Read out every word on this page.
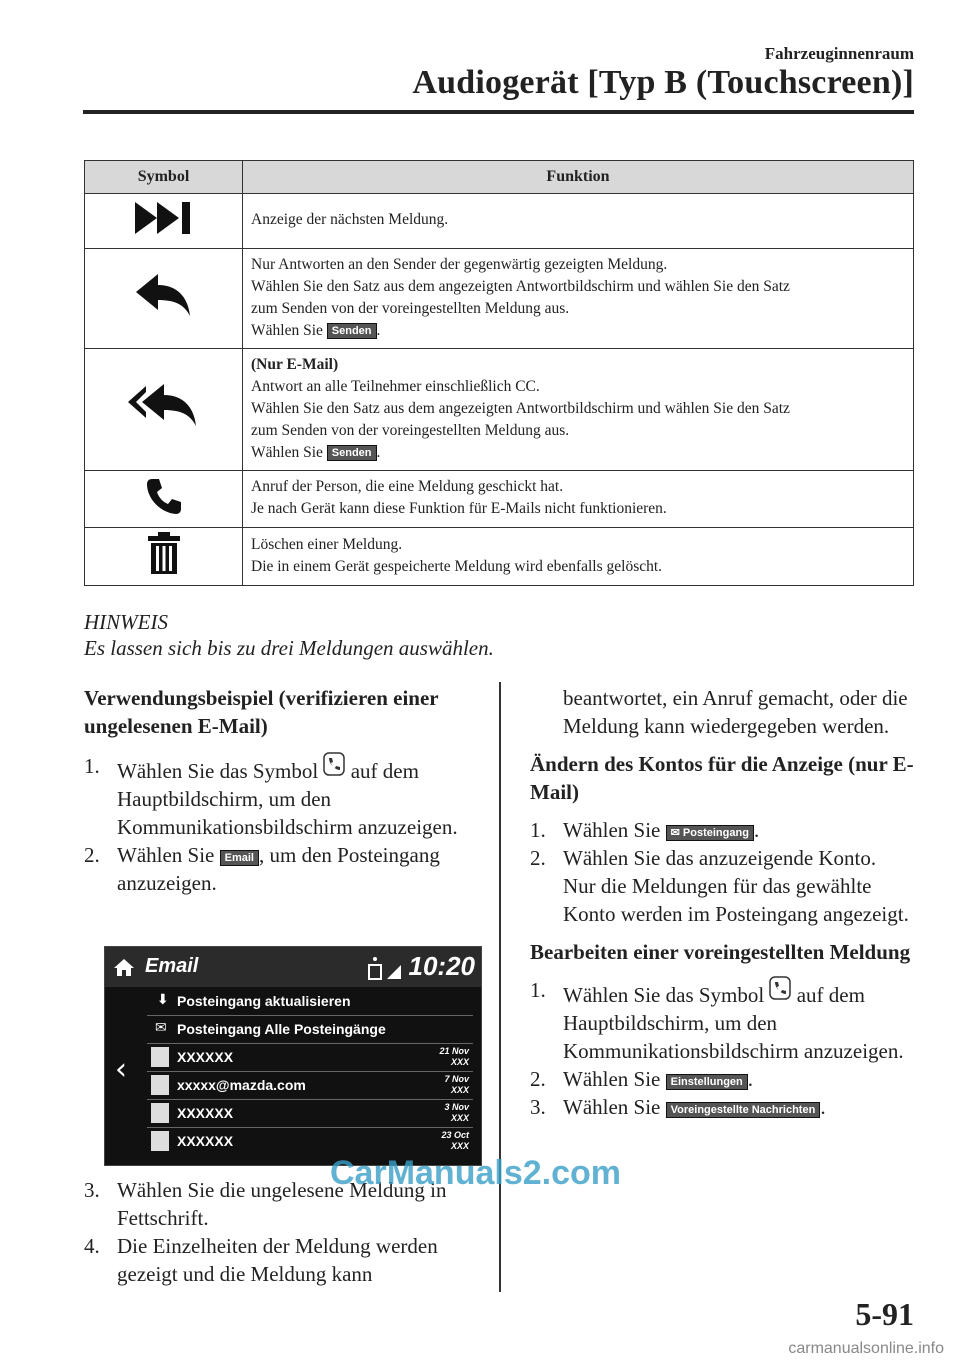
Fahrzeuginnenraum
Audiogerät [Typ B (Touchscreen)]
Symbol	Funktion

Anzeige der nächsten Meldung.

Nur Antworten an den Sender der gegenwärtig gezeigten Meldung.
Wählen Sie den Satz aus dem angezeigten Antwortbildschirm und wählen Sie den Satz
zum Senden von der voreingestellten Meldung aus.
Wählen Sie Senden .

(Nur E-Mail)
Antwort an alle Teilnehmer einschließlich CC.
Wählen Sie den Satz aus dem angezeigten Antwortbildschirm und wählen Sie den Satz
zum Senden von der voreingestellten Meldung aus.
Wählen Sie Senden .

Anruf der Person, die eine Meldung geschickt hat.
Je nach Gerät kann diese Funktion für E-Mails nicht funktionieren.

Löschen einer Meldung.
Die in einem Gerät gespeicherte Meldung wird ebenfalls gelöscht.
HINWEIS
Es lassen sich bis zu drei Meldungen auswählen.
Verwendungsbeispiel (verifizieren einer ungelesenen E-Mail)
1. Wählen Sie das Symbol auf dem Hauptbildschirm, um den Kommunikationsbildschirm anzuzeigen.
2. Wählen Sie Email , um den Posteingang anzuzeigen.
Email	10:20
‹
⬇ Posteingang aktualisieren
✉ Posteingang Alle Posteingänge
XXXXXX	21 Nov
XXX
xxxxx@mazda.com	7 Nov
XXX
XXXXXX	3 Nov
XXX
XXXXXX	23 Oct
XXX
3. Wählen Sie die ungelesene Meldung in Fettschrift.
4. Die Einzelheiten der Meldung werden gezeigt und die Meldung kann
beantwortet, ein Anruf gemacht, oder die Meldung kann wiedergegeben werden.
Ändern des Kontos für die Anzeige (nur E-Mail)
1. Wählen Sie ✉ Posteingang .
2. Wählen Sie das anzuzeigende Konto. Nur die Meldungen für das gewählte Konto werden im Posteingang angezeigt.
Bearbeiten einer voreingestellten Meldung
1. Wählen Sie das Symbol auf dem Hauptbildschirm, um den Kommunikationsbildschirm anzuzeigen.
2. Wählen Sie Einstellungen .
3. Wählen Sie Voreingestellte Nachrichten .
CarManuals2.com
5-91
carmanualsonline.info
